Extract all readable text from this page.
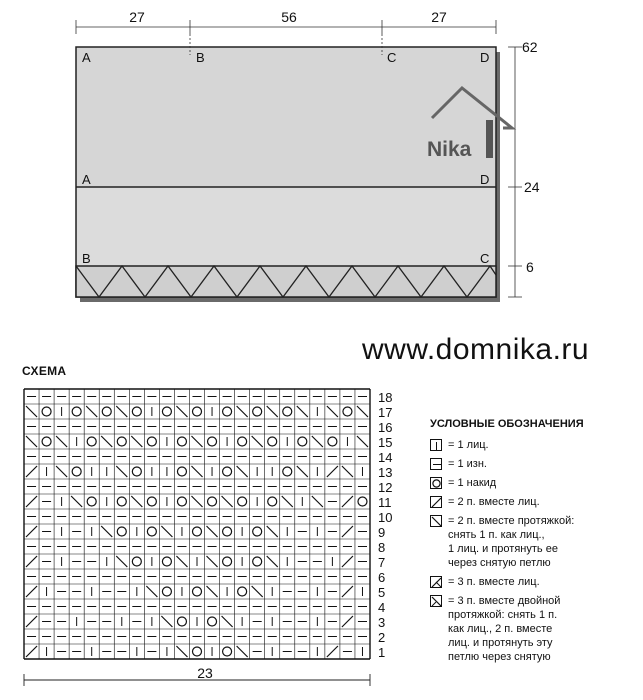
27	56	27
62
24
6
A	B	C	D
A	D
B	C
Nika
www.domnika.ru
СХЕМА
18
17
16
15
14
13
12
11
10
9
8
7
6
5
4
3
2
1
23
УСЛОВНЫЕ ОБОЗНАЧЕНИЯ
= 1 лиц.
= 1 изн.
= 1 накид
= 2 п. вместе лиц.
= 2 п. вместе протяжкой:
снять 1 п. как лиц.,
1 лиц. и протянуть ее
через снятую петлю
= 3 п. вместе лиц.
= 3 п. вместе двойной
протяжкой: снять 1 п.
как лиц., 2 п. вместе
лиц. и протянуть эту
петлю через снятую
